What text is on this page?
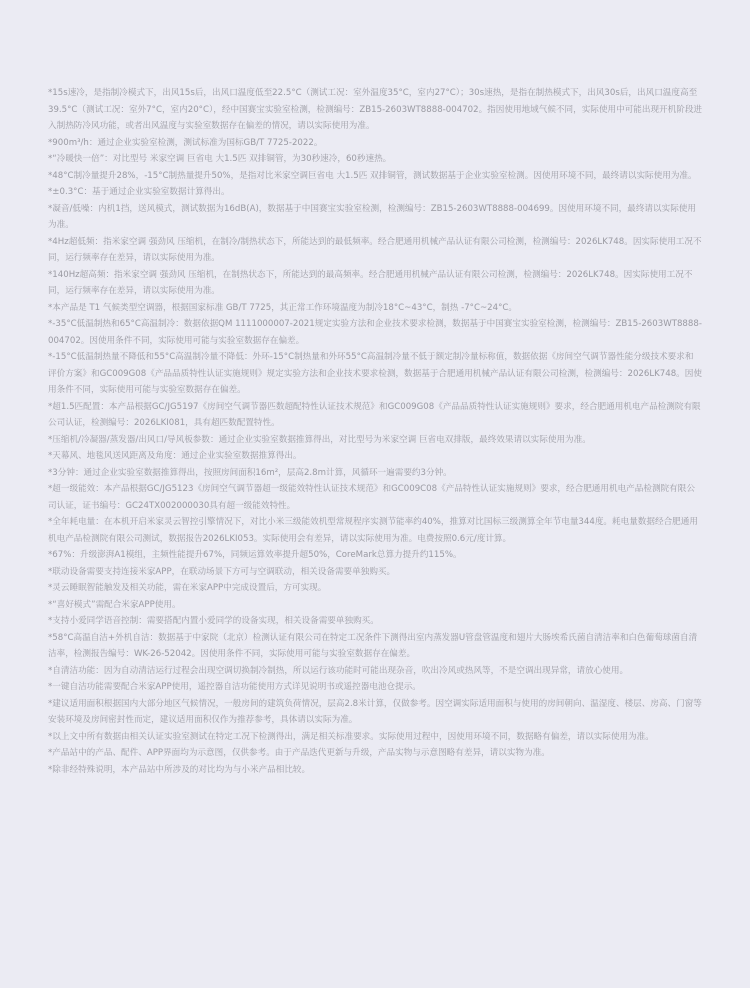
*15s速冷，是指制冷模式下，出风15s后，出风口温度低至22.5°C（测试工况：室外温度35°C，室内27°C）；30s速热，是指在制热模式下，出风30s后，出风口温度高至39.5°C（测试工况：室外7°C，室内20°C），经中国赛宝实验室检测，检测编号：ZB15-2603WT8888-004702。指因使用地域气候不同，实际使用中可能出现开机阶段进入制热防冷风功能，或者出风温度与实验室数据存在偏差的情况，请以实际使用为准。

*900m³/h：通过企业实验室检测，测试标准为国标GB/T 7725-2022。

*“冷暖快一倍”：对比型号 米家空调 巨省电 大1.5匹 双排铜管，为30秒速冷，60秒速热。

*48°C制冷量提升28%，-15°C制热量提升50%，是指对比米家空调巨省电 大1.5匹 双排铜管，测试数据基于企业实验室检测。因使用环境不同，最终请以实际使用为准。

*±0.3°C：基于通过企业实验室数据计算得出。

*凝音/低噪：内机1挡，送风模式，测试数据为16dB(A)，数据基于中国赛宝实验室检测，检测编号：ZB15-2603WT8888-004699。因使用环境不同，最终请以实际使用为准。

*4Hz超低频：指米家空调 强劲风 压缩机，在制冷/制热状态下，所能达到的最低频率。经合肥通用机械产品认证有限公司检测，检测编号：2026LK748。因实际使用工况不同，运行频率存在差异，请以实际使用为准。

*140Hz超高频：指米家空调 强劲风 压缩机，在制热状态下，所能达到的最高频率。经合肥通用机械产品认证有限公司检测，检测编号：2026LK748。因实际使用工况不同，运行频率存在差异，请以实际使用为准。

*本产品是 T1 气候类型空调器，根据国家标准 GB/T 7725，其正常工作环境温度为制冷18°C~43°C，制热 -7°C~24°C。

*-35°C低温制热和65°C高温制冷：数据依据QM 1111000007-2021规定实验方法和企业技术要求检测，数据基于中国赛宝实验室检测，检测编号：ZB15-2603WT8888-004702。因使用条件不同，实际使用可能与实验室数据存在偏差。

*-15°C低温制热量不降低和55°C高温制冷量不降低：外环-15°C制热量和外环55°C高温制冷量不低于额定制冷量标称值，数据依据《房间空气调节器性能分级技术要求和评价方案》和GC009G08《产品品质特性认证实施规则》规定实验方法和企业技术要求检测，数据基于合肥通用机械产品认证有限公司检测，检测编号：2026LK748。因使用条件不同，实际使用可能与实验室数据存在偏差。

*超1.5匹配置：本产品根据GC/JG5197《房间空气调节器匹数超配特性认证技术规范》和GC009G08《产品品质特性认证实施规则》要求，经合肥通用机电产品检测院有限公司认证，检测编号：2026LKI081，具有超匹数配置特性。

*压缩机/冷凝器/蒸发器/出风口/导风板参数：通过企业实验室数据推算得出，对比型号为米家空调 巨省电双排版，最终效果请以实际使用为准。

*天幕风、地毯风送风距离及角度：通过企业实验室数据推算得出。

*3分钟：通过企业实验室数据推算得出，按照房间面积16m²，层高2.8m计算，风循环一遍需要约3分钟。

*超一级能效：本产品根据GC/JG5123《房间空气调节器超一级能效特性认证技术规范》和GC009C08《产品特性认证实施规则》要求，经合肥通用机电产品检测院有限公司认证，证书编号：GC24TX002000030具有超一级能效特性。

*全年耗电量：在本机开启米家灵云智控引擎情况下，对比小米三级能效机型常规程序实测节能率约40%，推算对比国标三级测算全年节电量344度。耗电量数据经合肥通用机电产品检测院有限公司测试，数据报告2026LKI053。实际使用会有差异，请以实际使用为准。电费按照0.6元/度计算。

*67%：升级澎湃A1模组，主频性能提升67%，同频运算效率提升超50%，CoreMark总算力提升约115%。

*联动设备需要支持连接米家APP，在联动场景下方可与空调联动，相关设备需要单独购买。

*灵云睡眠智能触发及相关功能，需在米家APP中完成设置后，方可实现。

*“喜好模式”需配合米家APP使用。

*支持小爱同学语音控制：需要搭配内置小爱同学的设备实现，相关设备需要单独购买。

*58°C高温自洁+外机自洁：数据基于中家院（北京）检测认证有限公司在特定工况条件下测得出室内蒸发器U管盘管温度和翅片大肠埃希氏菌自清洁率和白色葡萄球菌自清洁率，检测报告编号：WK-26-52042。因使用条件不同，实际使用可能与实验室数据存在偏差。

*自清洁功能：因为自动清洁运行过程会出现空调切换制冷制热，所以运行该功能时可能出现杂音，吹出冷风或热风等，不是空调出现异常，请放心使用。

*一键自洁功能需要配合米家APP使用，遥控器自洁功能使用方式详见说明书或遥控器电池仓提示。

*建议适用面积根据国内大部分地区气候情况，一般房间的建筑负荷情况，层高2.8米计算，仅做参考。因空调实际适用面积与使用的房间朝向、温湿度、楼层、房高、门窗等安装环境及房间密封性而定，建议适用面积仅作为推荐参考，具体请以实际为准。

*以上文中所有数据由相关认证实验室测试在特定工况下检测得出，满足相关标准要求。实际使用过程中，因使用环境不同，数据略有偏差，请以实际使用为准。

*产品站中的产品、配件、APP界面均为示意图，仅供参考。由于产品迭代更新与升级，产品实物与示意图略有差异，请以实物为准。

*除非经特殊说明，本产品站中所涉及的对比均为与小米产品相比较。
